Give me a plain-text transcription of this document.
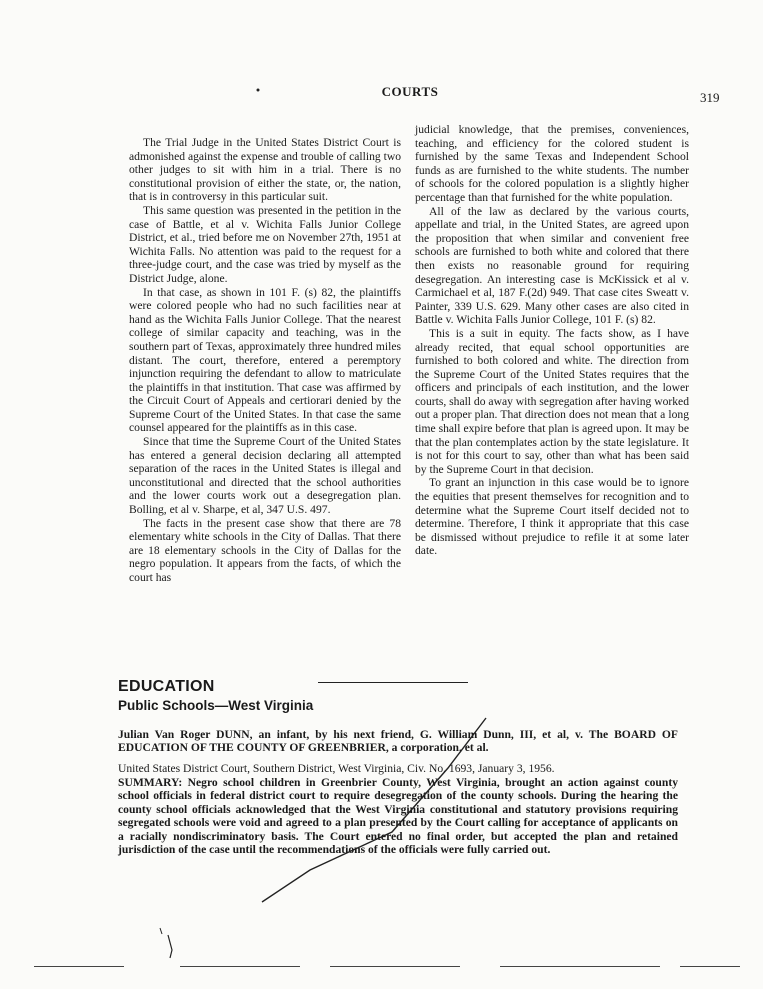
COURTS	319

The Trial Judge in the United States District Court is admonished against the expense and trouble of calling two other judges to sit with him in a trial. There is no constitutional provision of either the state, or, the nation, that is in controversy in this particular suit.

This same question was presented in the petition in the case of Battle, et al v. Wichita Falls Junior College District, et al., tried before me on November 27th, 1951 at Wichita Falls. No attention was paid to the request for a three-judge court, and the case was tried by myself as the District Judge, alone.

In that case, as shown in 101 F. (s) 82, the plaintiffs were colored people who had no such facilities near at hand as the Wichita Falls Junior College. That the nearest college of similar capacity and teaching, was in the southern part of Texas, approximately three hundred miles distant. The court, therefore, entered a peremptory injunction requiring the defendant to allow to matriculate the plaintiffs in that institution. That case was affirmed by the Circuit Court of Appeals and certiorari denied by the Supreme Court of the United States. In that case the same counsel appeared for the plaintiffs as in this case.

Since that time the Supreme Court of the United States has entered a general decision declaring all attempted separation of the races in the United States is illegal and unconstitutional and directed that the school authorities and the lower courts work out a desegregation plan. Bolling, et al v. Sharpe, et al, 347 U.S. 497.

The facts in the present case show that there are 78 elementary white schools in the City of Dallas. That there are 18 elementary schools in the City of Dallas for the negro population. It appears from the facts, of which the court has

judicial knowledge, that the premises, conveniences, teaching, and efficiency for the colored student is furnished by the same Texas and Independent School funds as are furnished to the white students. The number of schools for the colored population is a slightly higher percentage than that furnished for the white population.

All of the law as declared by the various courts, appellate and trial, in the United States, are agreed upon the proposition that when similar and convenient free schools are furnished to both white and colored that there then exists no reasonable ground for requiring desegregation. An interesting case is McKissick et al v. Carmichael et al, 187 F.(2d) 949. That case cites Sweatt v. Painter, 339 U.S. 629. Many other cases are also cited in Battle v. Wichita Falls Junior College, 101 F. (s) 82.

This is a suit in equity. The facts show, as I have already recited, that equal school opportunities are furnished to both colored and white. The direction from the Supreme Court of the United States requires that the officers and principals of each institution, and the lower courts, shall do away with segregation after having worked out a proper plan. That direction does not mean that a long time shall expire before that plan is agreed upon. It may be that the plan contemplates action by the state legislature. It is not for this court to say, other than what has been said by the Supreme Court in that decision.

To grant an injunction in this case would be to ignore the equities that present themselves for recognition and to determine what the Supreme Court itself decided not to determine. Therefore, I think it appropriate that this case be dismissed without prejudice to refile it at some later date.

EDUCATION
Public Schools—West Virginia
Julian Van Roger DUNN, an infant, by his next friend, G. William Dunn, III, et al, v. The BOARD OF EDUCATION OF THE COUNTY OF GREENBRIER, a corporation, et al.
United States District Court, Southern District, West Virginia, Civ. No. 1693, January 3, 1956.
SUMMARY: Negro school children in Greenbrier County, West Virginia, brought an action against county school officials in federal district court to require desegregation of the county schools. During the hearing the county school officials acknowledged that the West Virginia constitutional and statutory provisions requiring segregated schools were void and agreed to a plan presented by the Court calling for acceptance of applicants on a racially nondiscriminatory basis. The Court entered no final order, but accepted the plan and retained jurisdiction of the case until the recommendations of the officials were fully carried out.
